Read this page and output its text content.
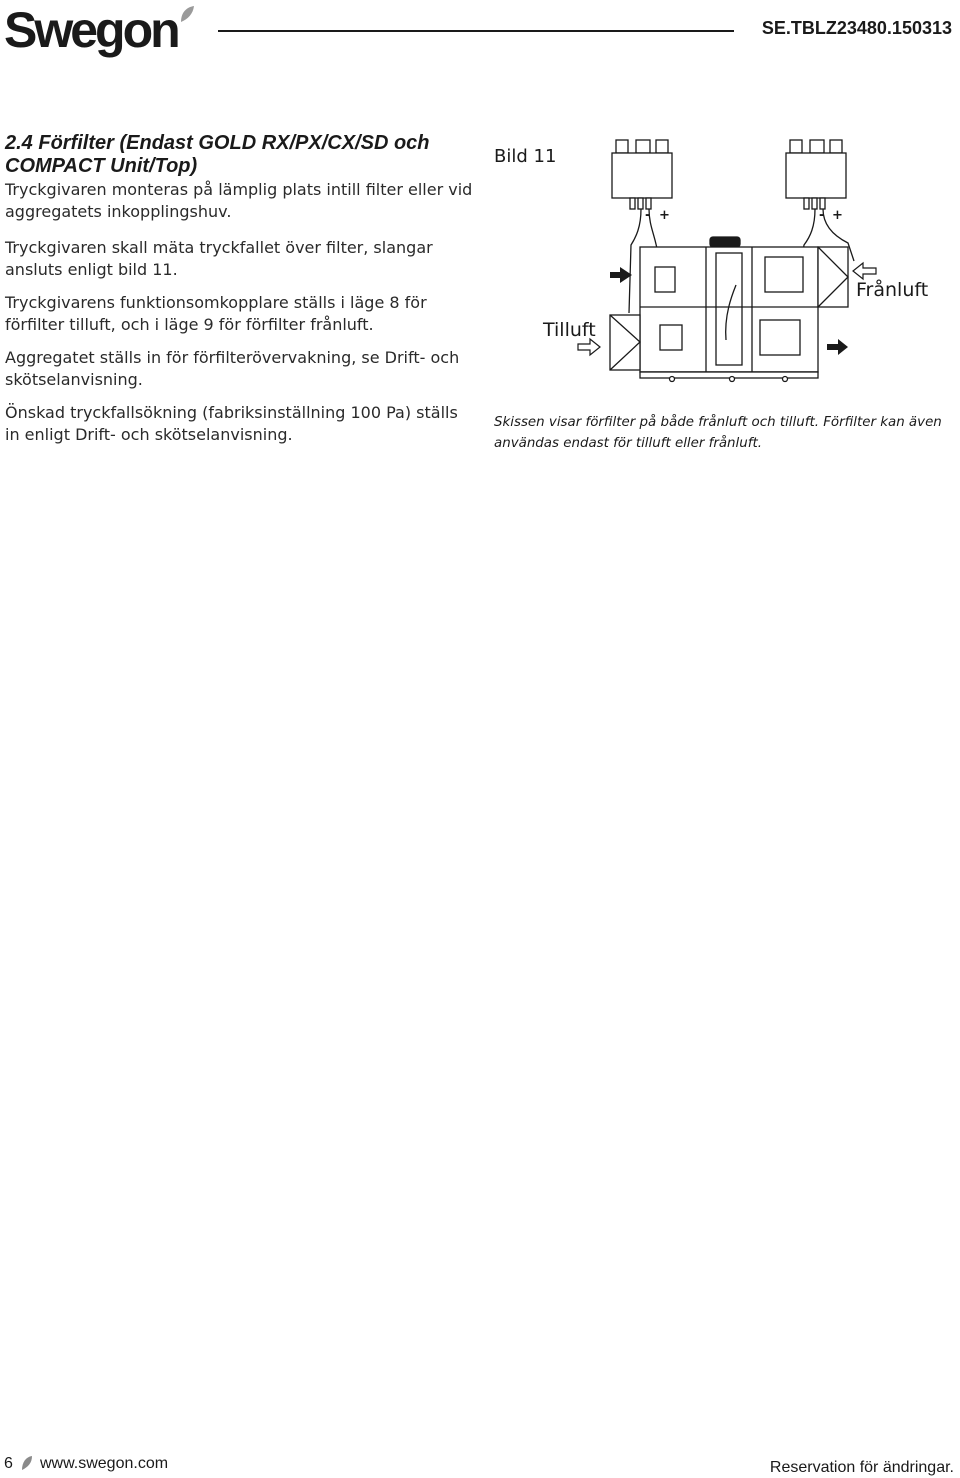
Swegon	SE.TBLZ23480.150313
2.4 Förfilter (Endast GOLD RX/PX/CX/SD och COMPACT Unit/Top)

Tryckgivaren monteras på lämplig plats intill filter eller vid aggregatets inkopplingshuv.

Tryckgivaren skall mäta tryckfallet över filter, slangar ansluts enligt bild 11.

Tryckgivarens funktionsomkopplare ställs i läge 8 för förfilter tilluft, och i läge 9 för förfilter frånluft.

Aggregatet ställs in för förfilterövervakning, se Drift- och skötselanvisning.

Önskad tryckfallsökning (fabriksinställning 100 Pa) ställs in enligt Drift- och skötselanvisning.

Bild 11
- +	- +
Frånluft
Tilluft
Skissen visar förfilter på både frånluft och tilluft. Förfilter kan även användas endast för tilluft eller frånluft.
6 www.swegon.com	Reservation för ändringar.
